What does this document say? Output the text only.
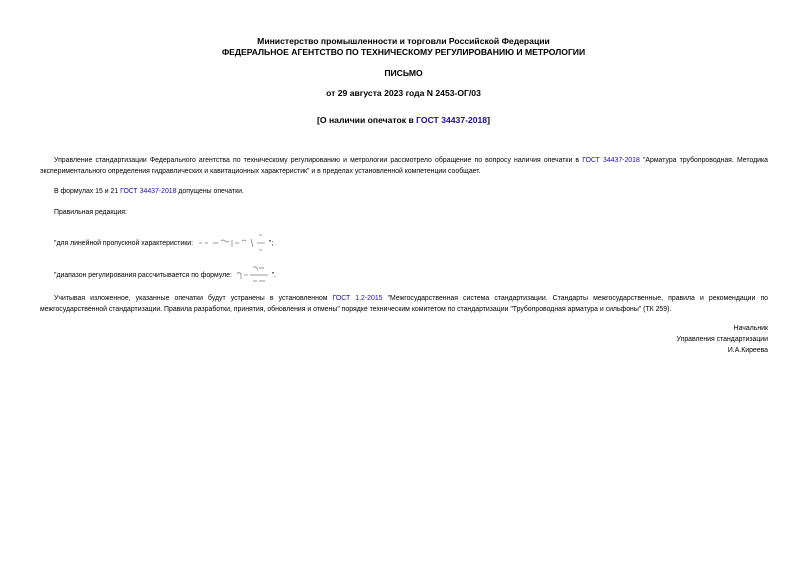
Министерство промышленности и торговли Российской Федерации
ФЕДЕРАЛЬНОЕ АГЕНТСТВО ПО ТЕХНИЧЕСКОМУ РЕГУЛИРОВАНИЮ И МЕТРОЛОГИИ
ПИСЬМО
от 29 августа 2023 года N 2453-ОГ/03
[О наличии опечаток в ГОСТ 34437-2018]
Управление стандартизации Федерального агентства по техническому регулированию и метрологии рассмотрело обращение по вопросу наличия опечатки в ГОСТ 34437-2018 "Арматура трубопроводная. Методика экспериментального определения гидравлических и кавитационных характеристик" и в пределах установленной компетенции сообщает.
В формулах 15 и 21 ГОСТ 34437-2018 допущены опечатки.
Правильная редакция:
"для линейной пропускной характеристики:	";
"диапазон регулирования рассчитывается по формуле:	".
Учитывая изложенное, указанные опечатки будут устранены в установленном ГОСТ 1.2-2015 "Межгосударственная система стандартизации. Стандарты межгосударственные, правила и рекомендации по межгосударственной стандартизации. Правила разработки, принятия, обновления и отмены" порядке техническим комитетом по стандартизации "Трубопроводная арматура и сильфоны" (ТК 259).
Начальник
Управления стандартизации
И.А.Киреева
